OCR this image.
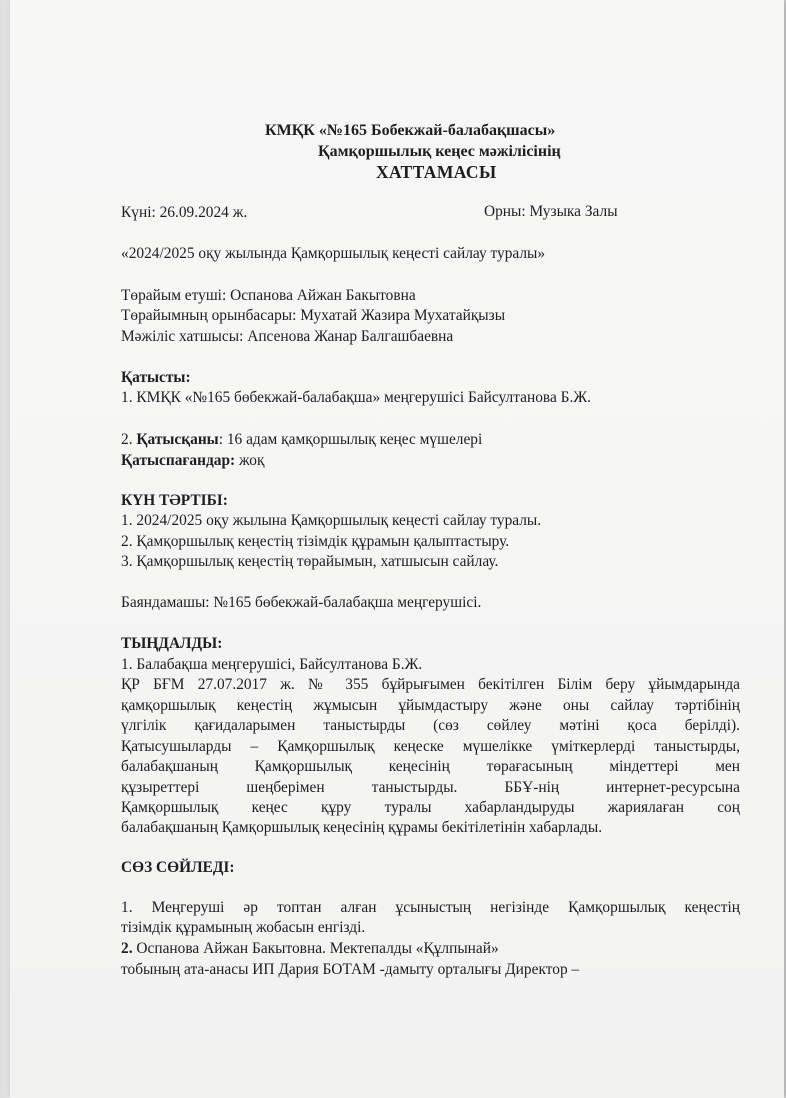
КМҚК «№165 Бобекжай-балабақшасы»
Қамқоршылық кеңес мәжілісінің
ХАТТАМАСЫ
Күні: 26.09.2024 ж.	Орны: Музыка Залы
«2024/2025 оқу жылында Қамқоршылық кеңесті сайлау туралы»
Төрайым етуші: Оспанова Айжан Бакытовна
Төрайымның орынбасары: Мухатай Жазира Мухатайқызы
Мәжіліс хатшысы: Апсенова Жанар Балгашбаевна
Қатысты:
1. КМҚК «№165 бөбекжай-балабақша» меңгерушісі Байсултанова Б.Ж.
2. Қатысқаны: 16 адам қамқоршылық кеңес мүшелері
Қатыспағандар: жоқ
КҮН ТӘРТІБІ:
1. 2024/2025 оқу жылына Қамқоршылық кеңесті сайлау туралы.
2. Қамқоршылық кеңестің тізімдік құрамын қалыптастыру.
3. Қамқоршылық кеңестің төрайымын, хатшысын сайлау.
Баяндамашы: №165 бөбекжай-балабақша меңгерушісі.
ТЫҢДАЛДЫ:
1. Балабақша меңгерушісі, Байсултанова Б.Ж.
ҚР БҒМ 27.07.2017 ж. № 355 бұйрығымен бекітілген Білім беру ұйымдарында
қамқоршылық кеңестің жұмысын ұйымдастыру және оны сайлау тәртібінің
үлгілік қағидаларымен таныстырды (сөз сөйлеу мәтіні қоса берілді).
Қатысушыларды – Қамқоршылық кеңеске мүшелікке үміткерлерді таныстырды,
балабақшаның Қамқоршылық кеңесінің төрағасының міндеттері мен
құзыреттері шеңберімен таныстырды. ББҰ-нің интернет-ресурсына
Қамқоршылық кеңес құру туралы хабарландыруды жариялаған соң
балабақшаның Қамқоршылық кеңесінің құрамы бекітілетінін хабарлады.
СӨЗ СӨЙЛЕДІ:
1. Меңгеруші әр топтан алған ұсыныстың негізінде Қамқоршылық кеңестің
тізімдік құрамының жобасын енгізді.
2. Оспанова Айжан Бакытовна. Мектепалды «Құлпынай»
тобының ата-анасы ИП Дария БОТАМ -дамыту орталығы Директор –
